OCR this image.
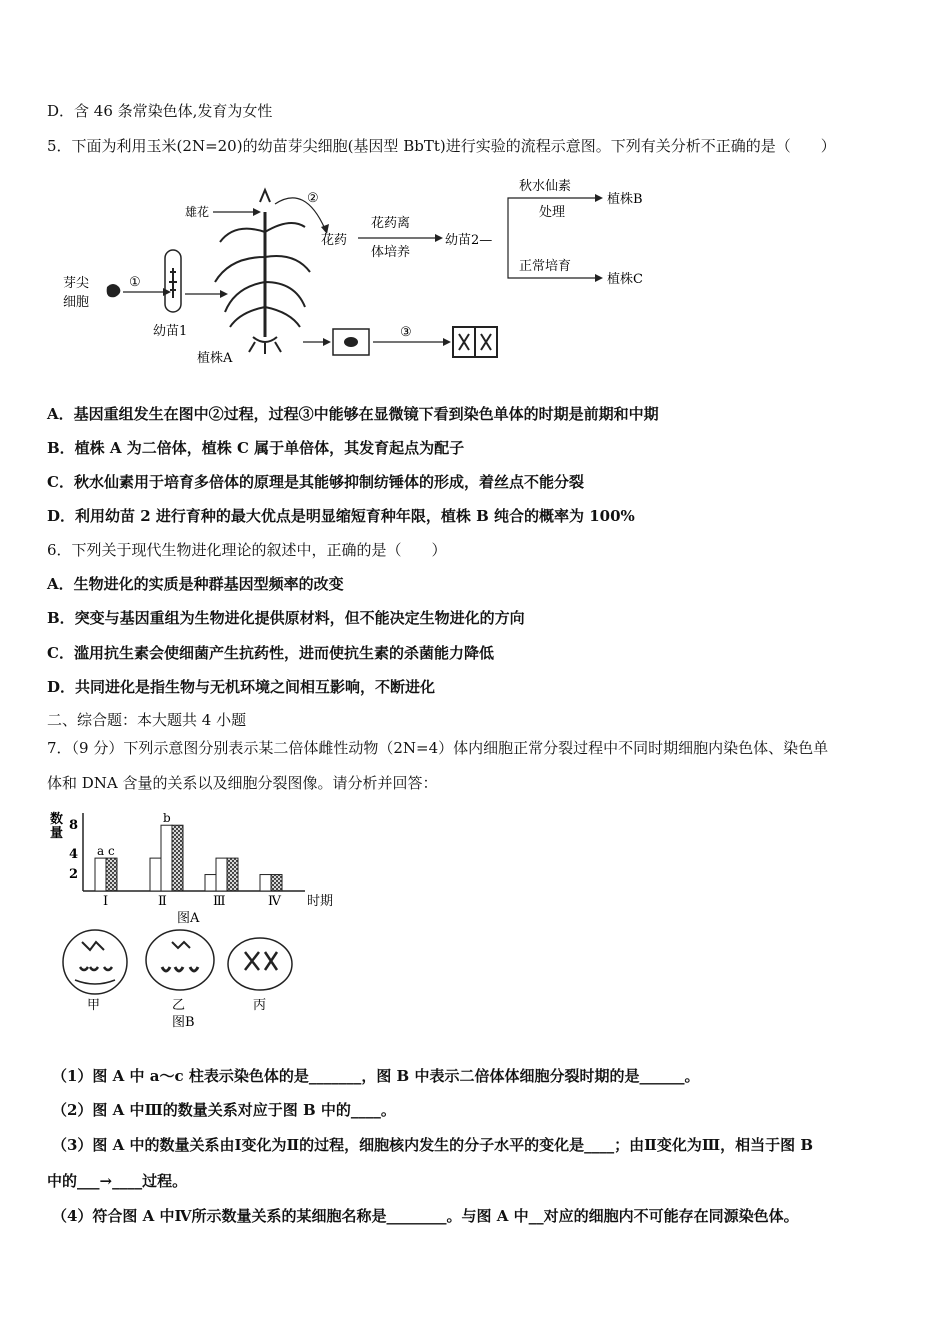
D．含 46 条常染色体,发育为女性
5．下面为利用玉米(2N=20)的幼苗芽尖细胞(基因型 BbTt)进行实验的流程示意图。下列有关分析不正确的是（　　）
芽尖
细胞
①
幼苗1
植株A
雄花
②
花药
花药离
体培养
幼苗2—
秋水仙素
处理
植株B
正常培育
植株C
③
A．基因重组发生在图中②过程，过程③中能够在显微镜下看到染色单体的时期是前期和中期
B．植株 A 为二倍体，植株 C 属于单倍体，其发育起点为配子
C．秋水仙素用于培育多倍体的原理是其能够抑制纺锤体的形成，着丝点不能分裂
D．利用幼苗 2 进行育种的最大优点是明显缩短育种年限，植株 B 纯合的概率为 100%
6．下列关于现代生物进化理论的叙述中，正确的是（　　）
A．生物进化的实质是种群基因型频率的改变
B．突变与基因重组为生物进化提供原材料，但不能决定生物进化的方向
C．滥用抗生素会使细菌产生抗药性，进而使抗生素的杀菌能力降低
D．共同进化是指生物与无机环境之间相互影响，不断进化
二、综合题：本大题共 4 小题
7．（9 分）下列示意图分别表示某二倍体雌性动物（2N=4）体内细胞正常分裂过程中不同时期细胞内染色体、染色单
体和 DNA 含量的关系以及细胞分裂图像。请分析并回答：
数
量
8
4
2
时期
图A
Ⅰ	Ⅱ	Ⅲ	Ⅳ
a c
b
甲	乙	丙
图B
（1）图 A 中 a～c 柱表示染色体的是_______，图 B 中表示二倍体体细胞分裂时期的是______。
（2）图 A 中Ⅲ的数量关系对应于图 B 中的____。
（3）图 A 中的数量关系由Ⅰ变化为Ⅱ的过程，细胞核内发生的分子水平的变化是____；由Ⅱ变化为Ⅲ，相当于图 B
中的___→____过程。
（4）符合图 A 中Ⅳ所示数量关系的某细胞名称是________。与图 A 中__对应的细胞内不可能存在同源染色体。
